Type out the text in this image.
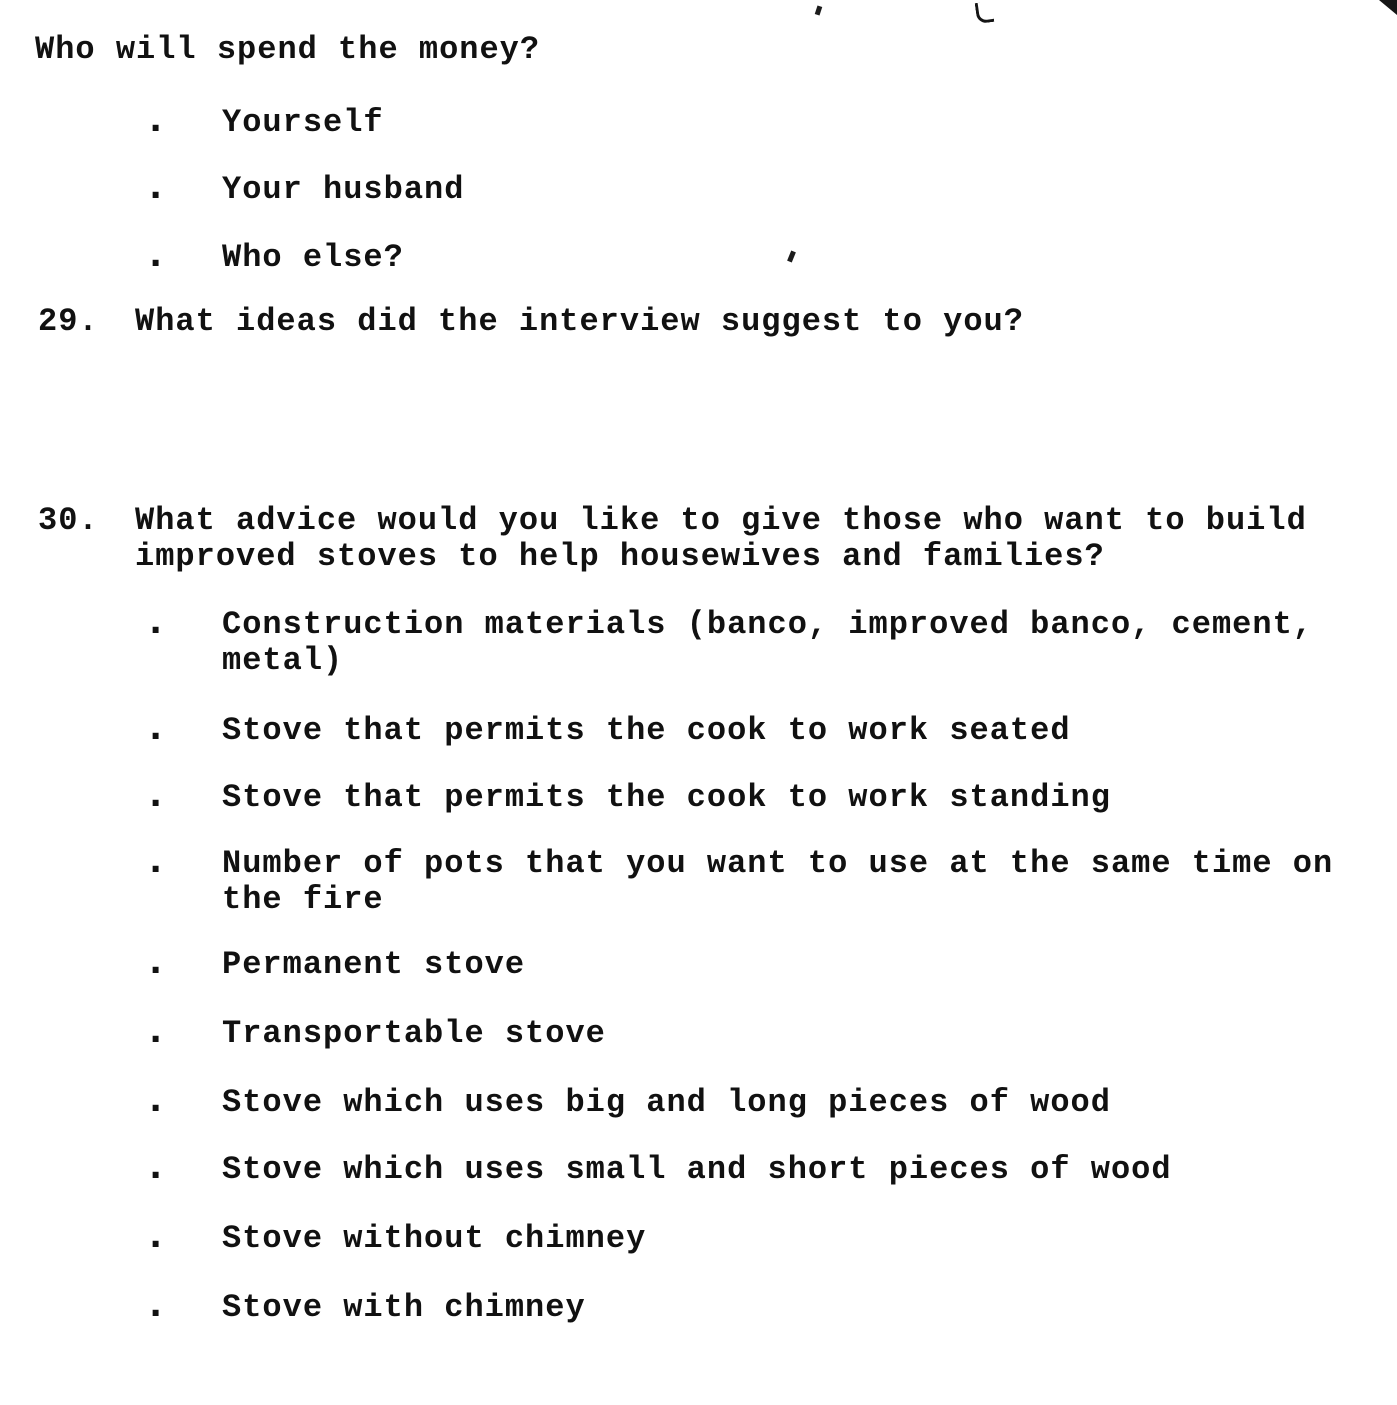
Who will spend the money?
.	Yourself
.	Your husband
.	Who else?
29. What ideas did the interview suggest to you?
30. What advice would you like to give those who want to build improved stoves to help housewives and families?
.	Construction materials (banco, improved banco, cement, metal)
.	Stove that permits the cook to work seated
.	Stove that permits the cook to work standing
.	Number of pots that you want to use at the same time on the fire
.	Permanent stove
.	Transportable stove
.	Stove which uses big and long pieces of wood
.	Stove which uses small and short pieces of wood
.	Stove without chimney
.	Stove with chimney
